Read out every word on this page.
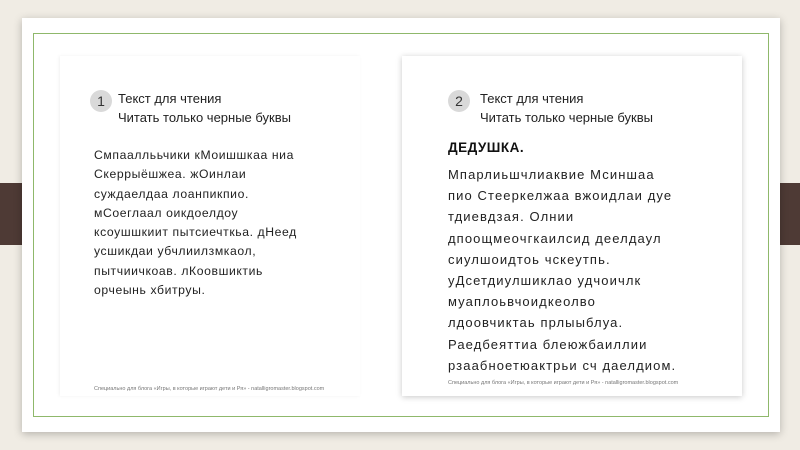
1	Текст для чтения
Читать только черные буквы
Смпааллььчики кМоишшкаа ниа
Скеррыёшжеа. жОинлаи
суждаелдаа лоанпикпио.
мСоеглаал оикдоелдоу
ксоушшкиит пытсиечткьа. дНеед
усшикдаи убчлиилзмкаол,
пытчиичкоав. лКоовшиктиь
орчеынь хбитруы.
Специально для блога «Игры, в которые играют дети и Ря» - natalligromaster.blogspot.com
2	Текст для чтения
Читать только черные буквы
ДЕДУШКА.
Мпарлиьшчлиаквие Мсиншаа
пио Стееркелжаа вжоидлаи дуе
тдиевдзая. Олнии
дпоощмеочгкаилсид деелдаул
сиулшоидтоь чскеутпь.
уДсетдиулшиклао удчоичлк
муаплоьвчоидкеолво
лдоовчиктаь прлыыблуа.
Раедбеяттиа блеюжбаиллии
рзаабноетюактрьи сч даелдиом.
Специально для блога «Игры, в которые играют дети и Ря» - natalligromaster.blogspot.com
